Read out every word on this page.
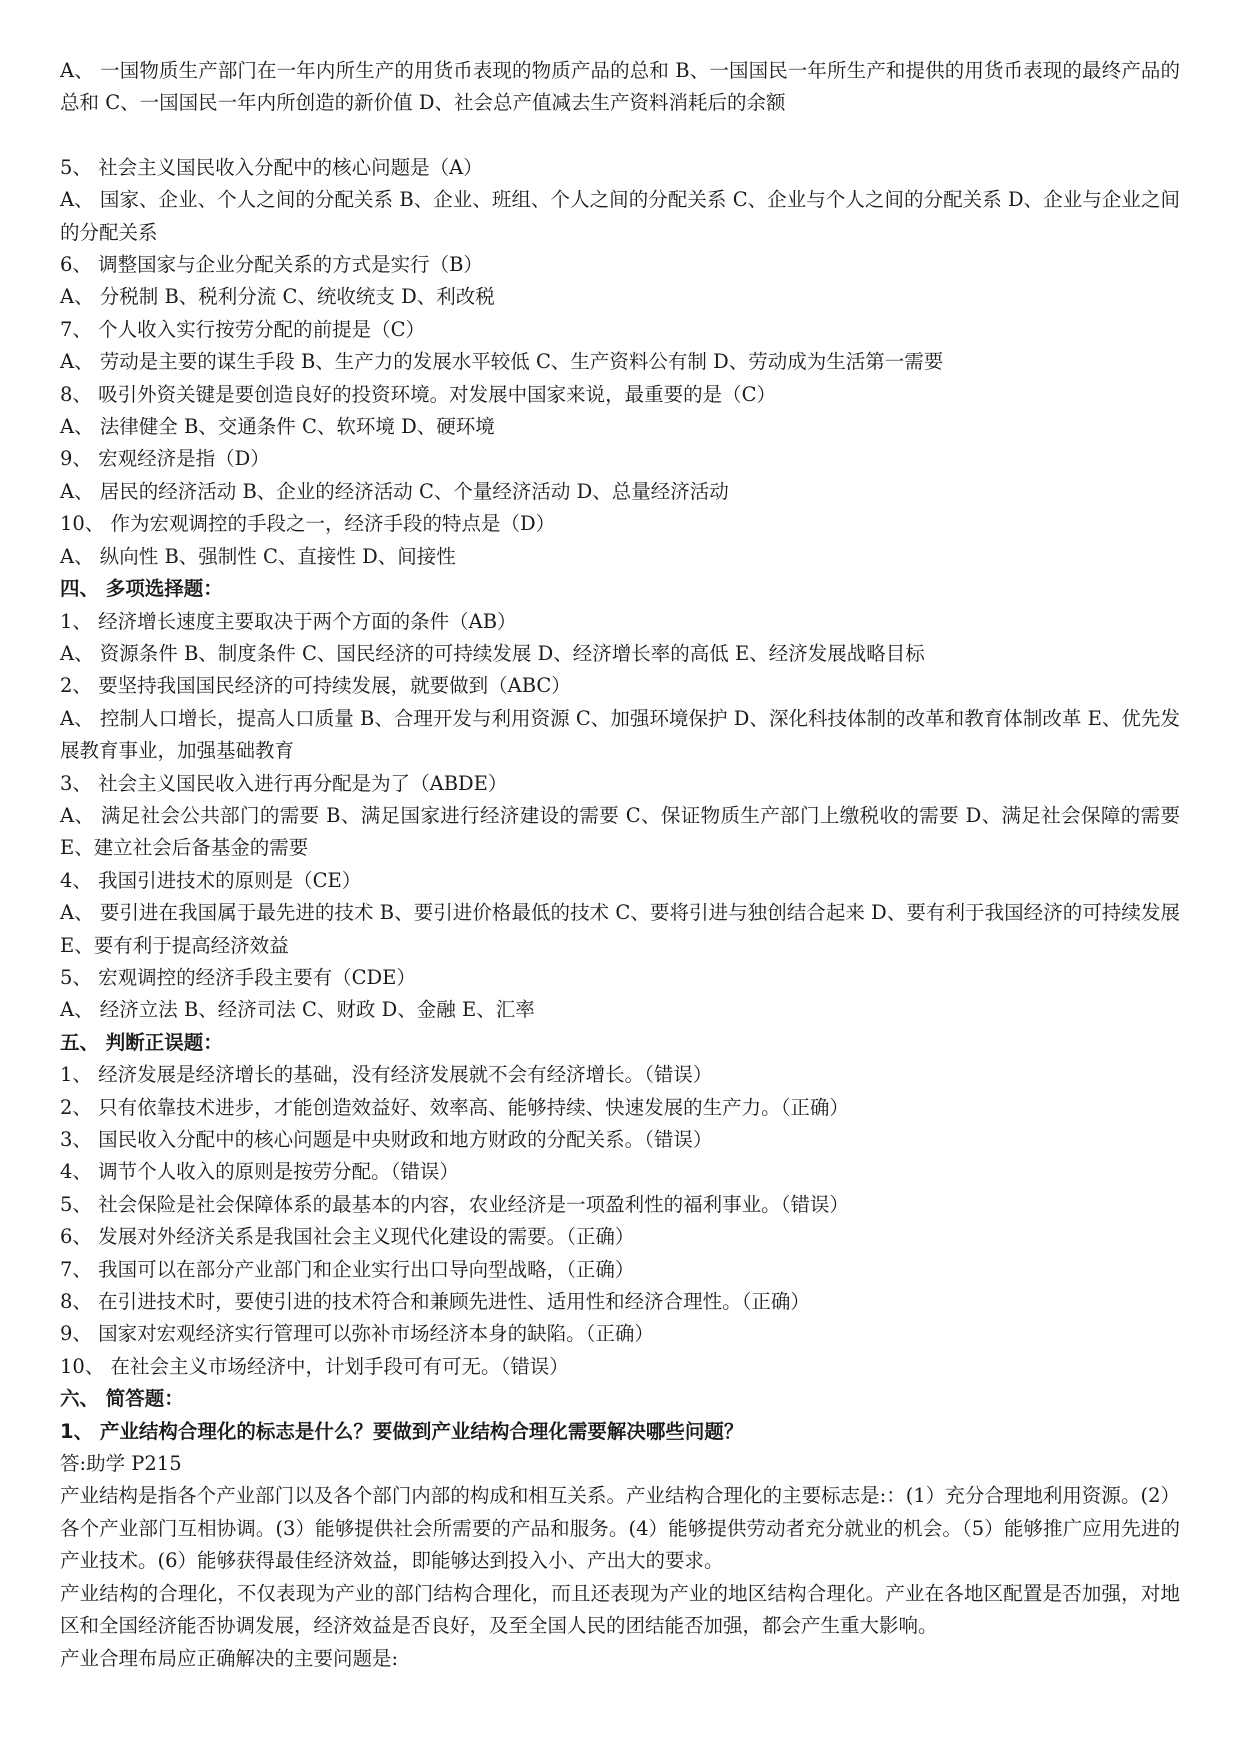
A、 一国物质生产部门在一年内所生产的用货币表现的物质产品的总和 B、一国国民一年所生产和提供的用货币表现的最终产品的总和 C、一国国民一年内所创造的新价值 D、社会总产值减去生产资料消耗后的余额

5、 社会主义国民收入分配中的核心问题是（A）

A、 国家、企业、个人之间的分配关系 B、企业、班组、个人之间的分配关系 C、企业与个人之间的分配关系 D、企业与企业之间的分配关系

6、 调整国家与企业分配关系的方式是实行（B）

A、 分税制 B、税利分流 C、统收统支 D、利改税

7、 个人收入实行按劳分配的前提是（C）

A、 劳动是主要的谋生手段 B、生产力的发展水平较低 C、生产资料公有制 D、劳动成为生活第一需要

8、 吸引外资关键是要创造良好的投资环境。对发展中国家来说，最重要的是（C）

A、 法律健全 B、交通条件 C、软环境 D、硬环境

9、 宏观经济是指（D）

A、 居民的经济活动 B、企业的经济活动 C、个量经济活动 D、总量经济活动

10、 作为宏观调控的手段之一，经济手段的特点是（D）

A、 纵向性 B、强制性 C、直接性 D、间接性

四、 多项选择题：

1、 经济增长速度主要取决于两个方面的条件（AB）

A、 资源条件 B、制度条件 C、国民经济的可持续发展 D、经济增长率的高低 E、经济发展战略目标

2、 要坚持我国国民经济的可持续发展，就要做到（ABC）

A、 控制人口增长，提高人口质量 B、合理开发与利用资源 C、加强环境保护 D、深化科技体制的改革和教育体制改革 E、优先发展教育事业，加强基础教育

3、 社会主义国民收入进行再分配是为了（ABDE）

A、 满足社会公共部门的需要 B、满足国家进行经济建设的需要 C、保证物质生产部门上缴税收的需要 D、满足社会保障的需要 E、建立社会后备基金的需要

4、 我国引进技术的原则是（CE）

A、 要引进在我国属于最先进的技术 B、要引进价格最低的技术 C、要将引进与独创结合起来 D、要有利于我国经济的可持续发展 E、要有利于提高经济效益

5、 宏观调控的经济手段主要有（CDE）

A、 经济立法 B、经济司法 C、财政 D、金融 E、汇率

五、 判断正误题：

1、 经济发展是经济增长的基础，没有经济发展就不会有经济增长。（错误）

2、 只有依靠技术进步，才能创造效益好、效率高、能够持续、快速发展的生产力。（正确）

3、 国民收入分配中的核心问题是中央财政和地方财政的分配关系。（错误）

4、 调节个人收入的原则是按劳分配。（错误）

5、 社会保险是社会保障体系的最基本的内容，农业经济是一项盈利性的福利事业。（错误）

6、 发展对外经济关系是我国社会主义现代化建设的需要。（正确）

7、 我国可以在部分产业部门和企业实行出口导向型战略，（正确）

8、 在引进技术时，要使引进的技术符合和兼顾先进性、适用性和经济合理性。（正确）

9、 国家对宏观经济实行管理可以弥补市场经济本身的缺陷。（正确）

10、 在社会主义市场经济中，计划手段可有可无。（错误）

六、 简答题：

1、 产业结构合理化的标志是什么？要做到产业结构合理化需要解决哪些问题？

答:助学 P215

产业结构是指各个产业部门以及各个部门内部的构成和相互关系。产业结构合理化的主要标志是:：(1）充分合理地利用资源。(2）各个产业部门互相协调。(3）能够提供社会所需要的产品和服务。(4）能够提供劳动者充分就业的机会。（5）能够推广应用先进的产业技术。(6）能够获得最佳经济效益，即能够达到投入小、产出大的要求。

产业结构的合理化，不仅表现为产业的部门结构合理化，而且还表现为产业的地区结构合理化。产业在各地区配置是否加强，对地区和全国经济能否协调发展，经济效益是否良好，及至全国人民的团结能否加强，都会产生重大影响。

产业合理布局应正确解决的主要问题是:
